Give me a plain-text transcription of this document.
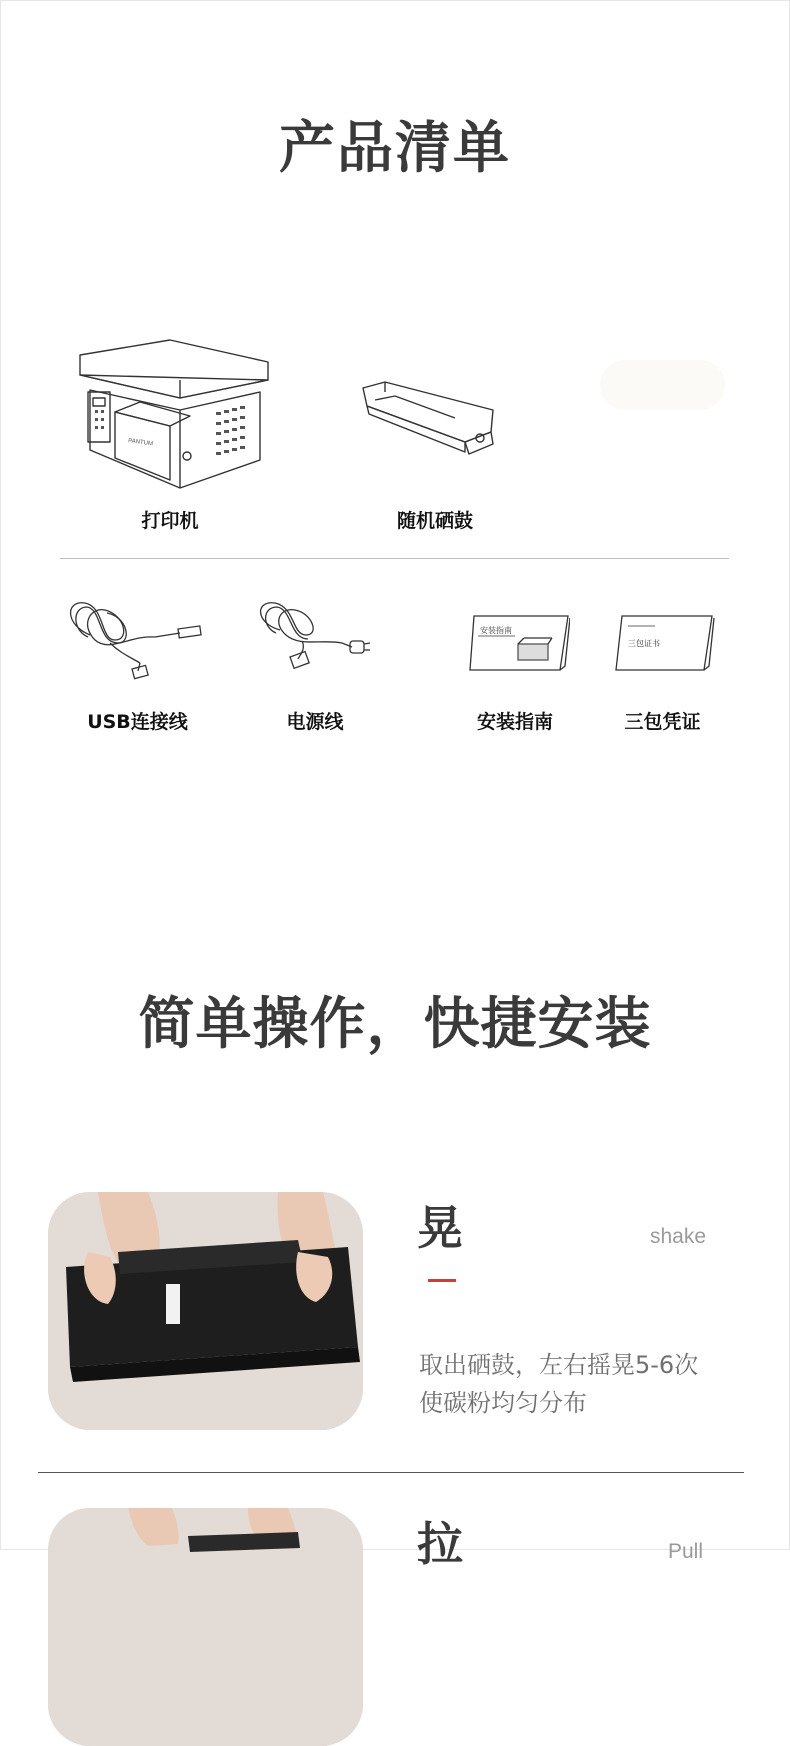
产品清单
PANTUM
打印机	随机硒鼓
USB连接线	电源线
安装指南
安装指南
三包证书
三包凭证
简单操作，快捷安装
晃	shake
取出硒鼓，左右摇晃5-6次
使碳粉均匀分布
拉	Pull
